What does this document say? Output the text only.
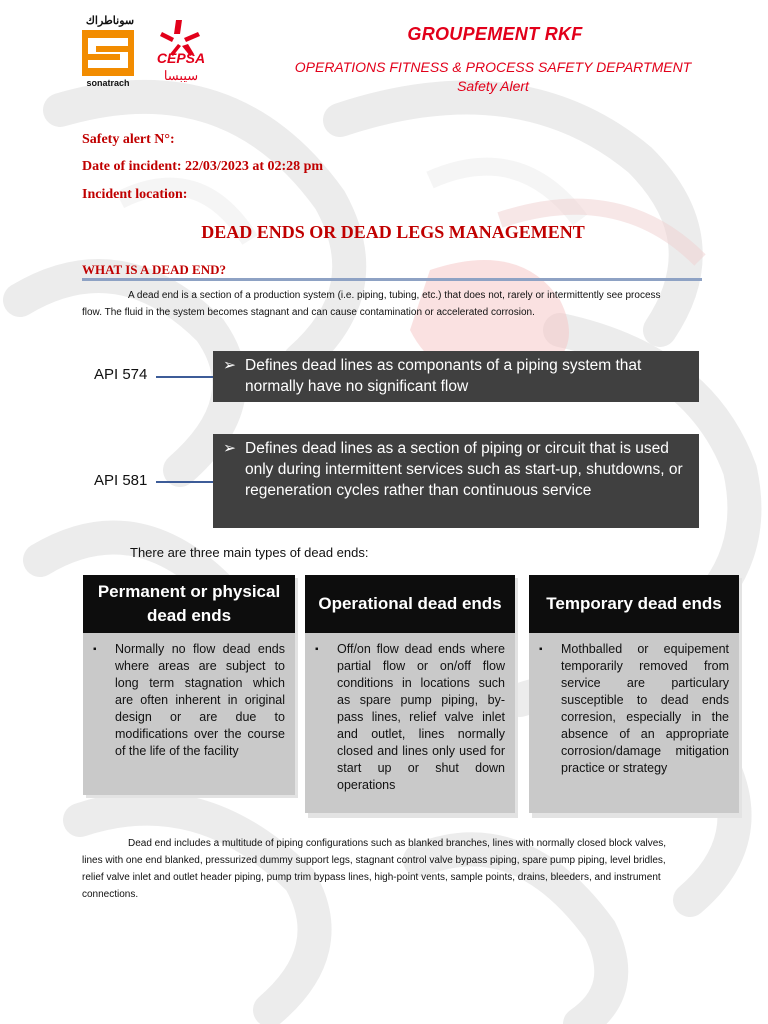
سوناطراك
sonatrach
CEPSA
سيبسا
GROUPEMENT RKF
OPERATIONS FITNESS & PROCESS SAFETY DEPARTMENT
Safety Alert
Safety alert N°:
Date of incident: 22/03/2023 at 02:28 pm
Incident location:
DEAD ENDS OR DEAD LEGS MANAGEMENT
WHAT IS A DEAD END?
A dead end is a section of a production system (i.e. piping, tubing, etc.) that does not, rarely or intermittently see process flow. The fluid in the system becomes stagnant and can cause contamination or accelerated corrosion.
API 574
➢ Defines dead lines as componants of a piping system that normally have no significant flow
API 581
➢ Defines dead lines as a section of piping or circuit that is used only during intermittent services such as start-up, shutdowns, or regeneration cycles rather than continuous service
There are three main types of dead ends:
Permanent or physical dead ends
▪	Normally no flow dead ends where areas are subject to long term stagnation which are often inherent in original design or are due to modifications over the course of the life of the facility
Operational dead ends
▪	Off/on flow dead ends where partial flow or on/off flow conditions in locations such as spare pump piping, by-pass lines, relief valve inlet and outlet, lines normally closed and lines only used for start up or shut down operations
Temporary dead ends
▪	Mothballed or equipement temporarily removed from service are particulary susceptible to dead ends corresion, especially in the absence of an appropriate corrosion/damage mitigation practice or strategy
Dead end includes a multitude of piping configurations such as blanked branches, lines with normally closed block valves, lines with one end blanked, pressurized dummy support legs, stagnant control valve bypass piping, spare pump piping, level bridles, relief valve inlet and outlet header piping, pump trim bypass lines, high-point vents, sample points, drains, bleeders, and instrument connections.
